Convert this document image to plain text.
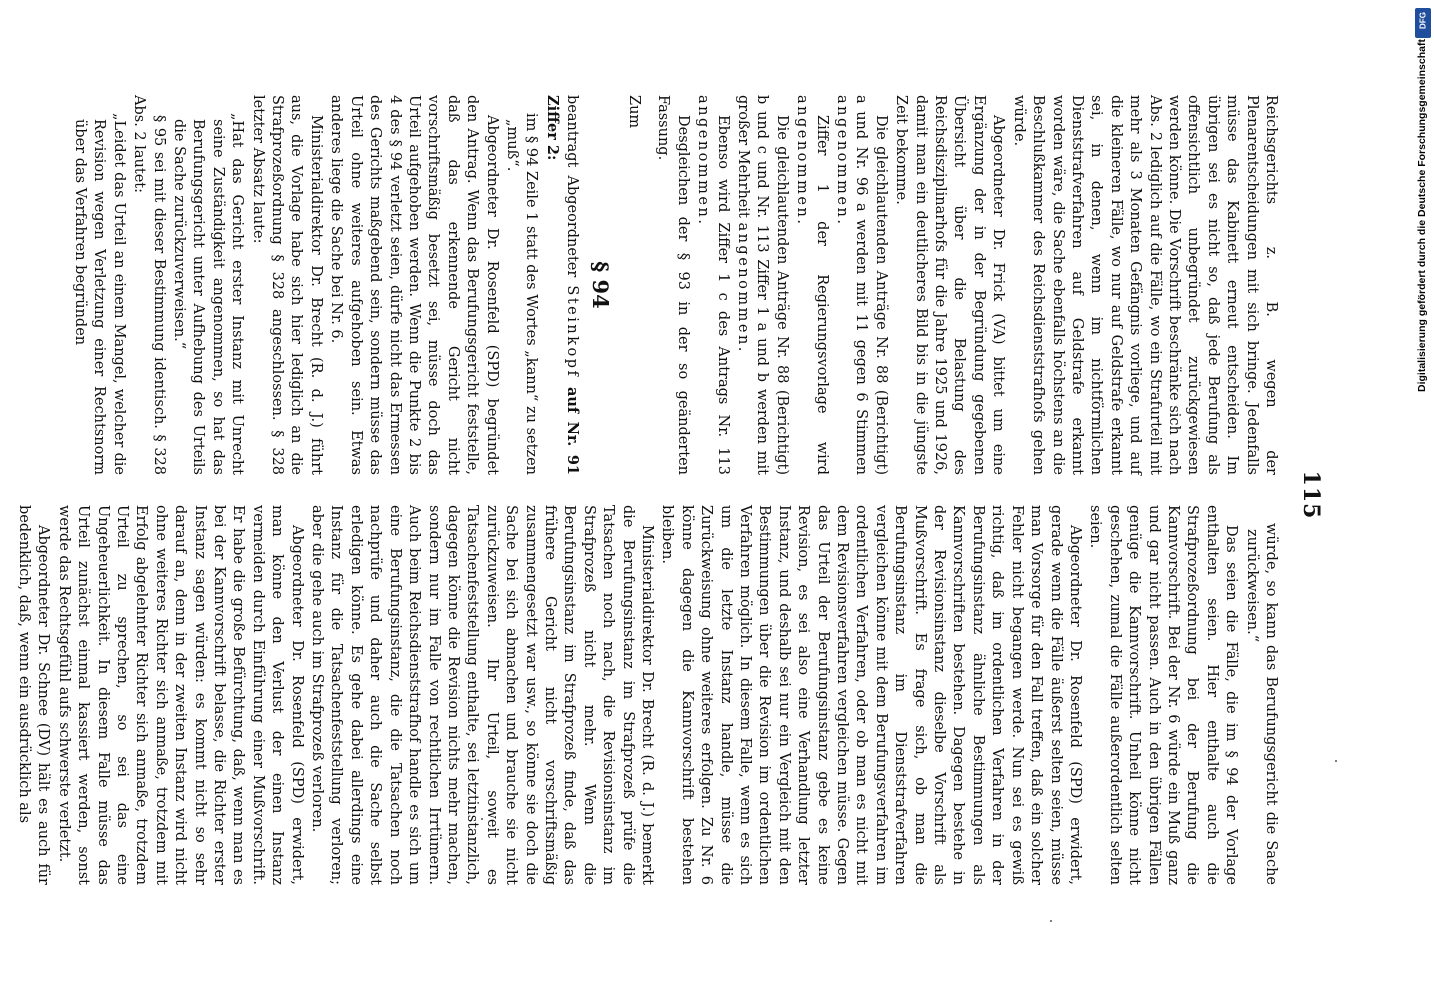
115

Reichsgerichts z. B. wegen der Plenarentscheidungen mit sich bringe. Jedenfalls müsse das Kabinett erneut entscheiden. Im übrigen sei es nicht so, daß jede Berufung als offensichtlich unbegründet zurückgewiesen werden könne. Die Vorschrift beschränke sich nach Abs. 2 lediglich auf die Fälle, wo ein Strafurteil mit mehr als 3 Monaten Gefängnis vorliege, und auf die kleineren Fälle, wo nur auf Geldstrafe erkannt sei, in denen, wenn im nichtförmlichen Dienststrafverfahren auf Geldstrafe erkannt worden wäre, die Sache ebenfalls höchstens an die Beschlußkammer des Reichsdienststrafhofs gehen würde.

Abgeordneter Dr. Frick (VA) bittet um eine Ergänzung der in der Begründung gegebenen Übersicht über die Belastung des Reichsdisziplinarhofs für die Jahre 1925 und 1926, damit man ein deutlicheres Bild bis in die jüngste Zeit bekomme.

Die gleichlautenden Anträge Nr. 88 (Berichtigt) a und Nr. 96 a werden mit 11 gegen 6 Stimmen angenommen.

Ziffer 1 der Regierungsvorlage wird angenommen.

Die gleichlautenden Anträge Nr. 88 (Berichtigt) b und c und Nr. 113 Ziffer 1 a und b werden mit großer Mehrheit angenommen.

Ebenso wird Ziffer 1 c des Antrags Nr. 113 angenommen.

Desgleichen der § 93 in der so geänderten Fassung.

Zum

§ 94

beantragt Abgeordneter Steinkopf auf Nr. 91 Ziffer 2:

im § 94 Zeile 1 statt des Wortes „kann“ zu setzen „muß“.

Abgeordneter Dr. Rosenfeld (SPD) begründet den Antrag. Wenn das Berufungsgericht feststelle, daß das erkennende Gericht nicht vorschriftsmäßig besetzt sei, müsse doch das Urteil aufgehoben werden. Wenn die Punkte 2 bis 4 des § 94 verletzt seien, dürfe nicht das Ermessen des Gerichts maßgebend sein, sondern müsse das Urteil ohne weiteres aufgehoben sein. Etwas anderes liege die Sache bei Nr. 6.

Ministerialdirektor Dr. Brecht (R. d. J.) führt aus, die Vorlage habe sich hier lediglich an die Strafprozeßordnung § 328 angeschlossen. § 328 letzter Absatz laute:

„Hat das Gericht erster Instanz mit Unrecht seine Zuständigkeit angenommen, so hat das Berufungsgericht unter Aufhebung des Urteils die Sache zurückzuverweisen.“

§ 95 sei mit dieser Bestimmung identisch. § 328 Abs. 2 lautet:

„Leidet das Urteil an einem Mangel, welcher die Revision wegen Verletzung einer Rechtsnorm über das Verfahren begründen

würde, so kann das Berufungsgericht die Sache zurückweisen.“

Das seien die Fälle, die im § 94 der Vorlage enthalten seien. Hier enthalte auch die Strafprozeßordnung bei der Berufung die Kannvorschrift. Bei der Nr. 6 würde ein Muß ganz und gar nicht passen. Auch in den übrigen Fällen genüge die Kannvorschrift. Unheil könne nicht geschehen, zumal die Fälle außerordentlich selten seien.

Abgeordneter Dr. Rosenfeld (SPD) erwidert, gerade wenn die Fälle äußerst selten seien, müsse man Vorsorge für den Fall treffen, daß ein solcher Fehler nicht begangen werde. Nun sei es gewiß richtig, daß im ordentlichen Verfahren in der Berufungsinstanz ähnliche Bestimmungen als Kannvorschriften bestehen. Dagegen bestehe in der Revisionsinstanz dieselbe Vorschrift als Mußvorschrift. Es frage sich, ob man die Berufungsinstanz im Dienststrafverfahren vergleichen könne mit dem Berufungsverfahren im ordentlichen Verfahren, oder ob man es nicht mit dem Revisionsverfahren vergleichen müsse. Gegen das Urteil der Berufungsinstanz gebe es keine Revision, es sei also eine Verhandlung letzter Instanz, und deshalb sei nur ein Vergleich mit den Bestimmungen über die Revision im ordentlichen Verfahren möglich. In diesem Falle, wenn es sich um die letzte Instanz handle, müsse die Zurückweisung ohne weiteres erfolgen. Zu Nr. 6 könne dagegen die Kannvorschrift bestehen bleiben.

Ministerialdirektor Dr. Brecht (R. d. J.) bemerkt die Berufungsinstanz im Strafprozeß prüfe die Tatsachen noch nach, die Revisionsinstanz im Strafprozeß nicht mehr. Wenn die Berufungsinstanz im Strafprozeß finde, daß das frühere Gericht nicht vorschriftsmäßig zusammengesetzt war usw., so könne sie doch die Sache bei sich abmachen und brauche sie nicht zurückzuweisen. Ihr Urteil, soweit es Tatsachenfeststellung enthalte, sei letztinstanzlich, dagegen könne die Revision nichts mehr machen, sondern nur im Falle von rechtlichen Irrtümern. Auch beim Reichsdienststrafhof handle es sich um eine Berufungsinstanz, die die Tatsachen noch nachprüfe und daher auch die Sache selbst erledigen könne. Es gehe dabei allerdings eine Instanz für die Tatsachenfeststellung verloren; aber die gehe auch im Strafprozeß verloren.

Abgeordneter Dr. Rosenfeld (SPD) erwidert, man könne den Verlust der einen Instanz vermeiden durch Einführung einer Mußvorschrift. Er habe die große Befürchtung, daß, wenn man es bei der Kannvorschrift belasse, die Richter erster Instanz sagen würden: es kommt nicht so sehr darauf an, denn in der zweiten Instanz wird nicht ohne weiteres Richter sich anmaße, trotzdem mit Erfolg abgelehnter Richter sich anmaße, trotzdem Urteil zu sprechen, so sei das eine Ungeheuerlichkeit. In diesem Falle müsse das Urteil zunächst einmal kassiert werden, sonst werde das Rechtsgefühl aufs schwerste verletzt.

Abgeordneter Dr. Schnee (DV) hält es auch für bedenklich, daß, wenn ein ausdrücklich als

DFG
Digitalisierung gefördert durch die Deutsche Forschungsgemeinschaft
